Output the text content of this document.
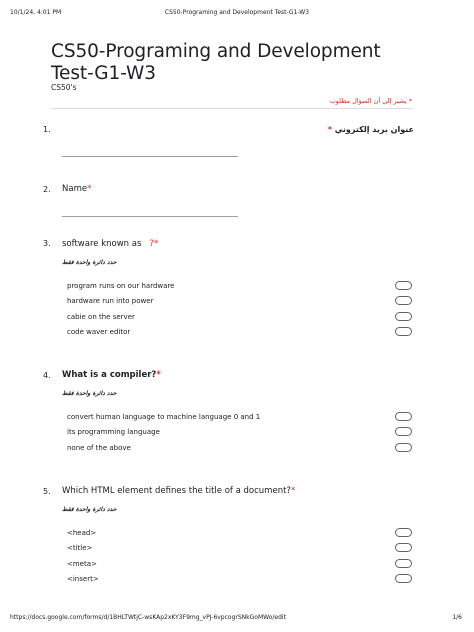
10/1/24, 4:01 PM	CS50-Programing and Development Test-G1-W3
CS50-Programing and Development Test-G1-W3
CS50's
* يشير إلى أن السؤال مطلوب
1.	عنوان بريد إلكتروني *
2. Name*
3. software known as ?*
حدد دائرة واحدة فقط
program runs on our hardware
hardware run into power
cabie on the server
code waver editor
4. What is a compiler?*
حدد دائرة واحدة فقط
convert human language to machine language 0 and 1
its programming language
none of the above
5. Which HTML element defines the title of a document?*
حدد دائرة واحدة فقط
<head>
<title>
<meta>
<insert>
https://docs.google.com/forms/d/1BHLTWtjC-wsKAp2xKY3F9mg_vPJ-6vpcogrSNkGoMWo/edit	1/6
